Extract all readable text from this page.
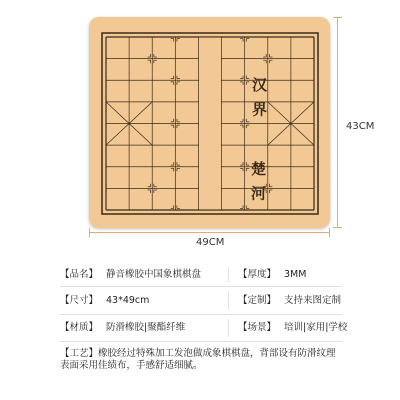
汉 界
楚 河
43CM
49CM
【品名】 静音橡胶中国象棋棋盘	【厚度】 3MM
【尺寸】 43*49cm	【定制】 支持来图定制
【材质】 防滑橡胶|聚酯纤维	【场景】 培训|家用|学校
【工艺】橡胶经过特殊加工发泡做成象棋棋盘，背部设有防滑纹理表面采用佳绩布，手感舒适细腻。
